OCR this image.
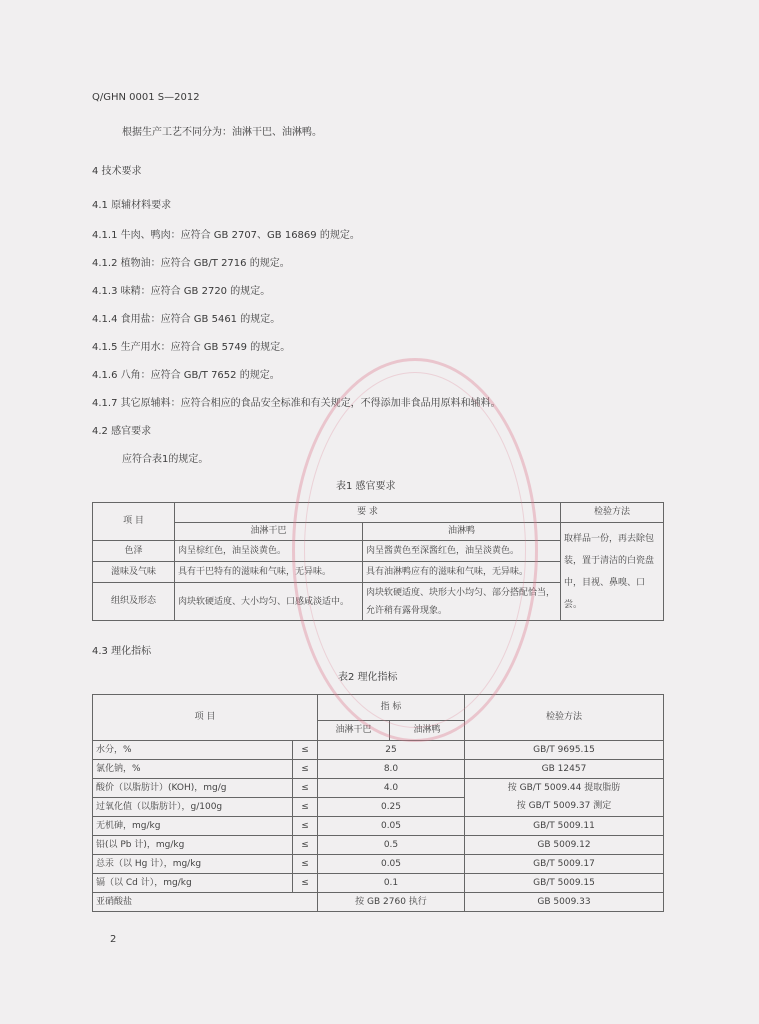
Q/GHN 0001 S—2012
根据生产工艺不同分为：油淋干巴、油淋鸭。
4 技术要求
4.1 原辅材料要求
4.1.1 牛肉、鸭肉：应符合 GB 2707、GB 16869 的规定。
4.1.2 植物油：应符合 GB/T 2716 的规定。
4.1.3 味精：应符合 GB 2720 的规定。
4.1.4 食用盐：应符合 GB 5461 的规定。
4.1.5 生产用水：应符合 GB 5749 的规定。
4.1.6 八角：应符合 GB/T 7652 的规定。
4.1.7 其它原辅料：应符合相应的食品安全标准和有关规定，不得添加非食品用原料和辅料。
4.2 感官要求
应符合表1的规定。
表1 感官要求
项 目	要 求		检验方法
	油淋干巴	油淋鸭	取样品一份，再去除包装，置于清洁的白瓷盘中，目视、鼻嗅、口尝。
色泽	肉呈棕红色，油呈淡黄色。	肉呈酱黄色至深酱红色，油呈淡黄色。	
滋味及气味	具有干巴特有的滋味和气味，无异味。	具有油淋鸭应有的滋味和气味，无异味。	
组织及形态	肉块软硬适度、大小均匀、口感咸淡适中。	肉块软硬适度、块形大小均匀、部分搭配恰当，允许稍有露骨现象。	
4.3 理化指标
表2 理化指标
项 目		指 标		检验方法
		油淋干巴	油淋鸭	
水分，%	≤	25		GB/T 9695.15
氯化钠，%	≤	8.0		GB 12457
酸价（以脂肪计）(KOH)，mg/g	≤	4.0		按 GB/T 5009.44 提取脂肪
过氧化值（以脂肪计），g/100g	≤	0.25		按 GB/T 5009.37 测定
无机砷，mg/kg	≤	0.05		GB/T 5009.11
铅(以 Pb 计)，mg/kg	≤	0.5		GB 5009.12
总汞（以 Hg 计），mg/kg	≤	0.05		GB/T 5009.17
镉（以 Cd 计），mg/kg	≤	0.1		GB/T 5009.15
亚硝酸盐		按 GB 2760 执行		GB 5009.33
2
